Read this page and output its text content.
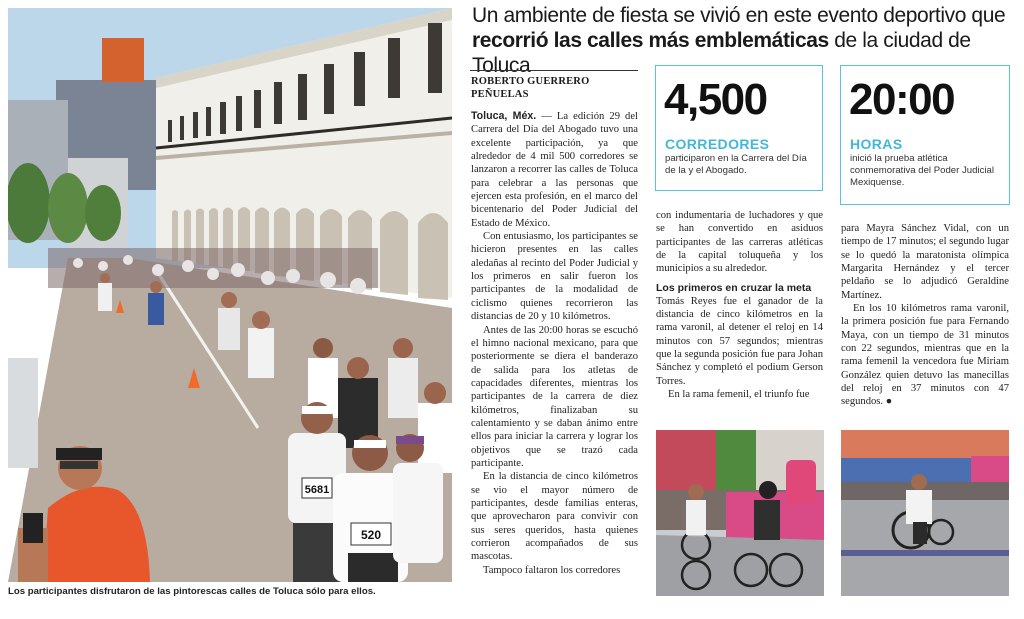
5681
520
Los participantes disfrutaron de las pintorescas calles de Toluca sólo para ellos.
Un ambiente de fiesta se vivió en este evento deportivo que
recorrió las calles más emblemáticas de la ciudad de Toluca
ROBERTO GUERRERO
PEÑUELAS

Toluca, Méx. — La edición 29 del Carrera del Día del Abogado tuvo una excelente participación, ya que alrededor de 4 mil 500 corredores se lanzaron a recorrer las calles de Toluca para celebrar a las personas que ejercen esta profesión, en el marco del bicentenario del Poder Judicial del Estado de México.

Con entusiasmo, los participantes se hicieron presentes en las calles aledañas al recinto del Poder Judicial y los primeros en salir fueron los participantes de la modalidad de ciclismo quienes recorrieron las distancias de 20 y 10 kilómetros.

Antes de las 20:00 horas se escuchó el himno nacional mexicano, para que posteriormente se diera el banderazo de salida para los atletas de capacidades diferentes, mientras los participantes de la carrera de diez kilómetros, finalizaban su calentamiento y se daban ánimo entre ellos para iniciar la carrera y lograr los objetivos que se trazó cada participante.

En la distancia de cinco kilómetros se vio el mayor número de participantes, desde familias enteras, que aprovecharon para convivir con sus seres queridos, hasta quienes corrieron acompañados de sus mascotas.

Tampoco faltaron los corredores

4,500
CORREDORES
participaron en la Carrera del Día de la y el Abogado.
20:00
HORAS
inició la prueba atlética conmemorativa del Poder Judicial Mexiquense.

con indumentaria de luchadores y que se han convertido en asiduos participantes de las carreras atléticas de la capital toluqueña y los municipios a su alrededor.

Los primeros en cruzar la meta

Tomás Reyes fue el ganador de la distancia de cinco kilómetros en la rama varonil, al detener el reloj en 14 minutos con 57 segundos; mientras que la segunda posición fue para Johan Sánchez y completó el podium Gerson Torres.

En la rama femenil, el triunfo fue

para Mayra Sánchez Vidal, con un tiempo de 17 minutos; el segundo lugar se lo quedó la maratonista olímpica Margarita Hernández y el tercer peldaño se lo adjudicó Geraldine Martínez.

En los 10 kilómetros rama varonil, la primera posición fue para Fernando Maya, con un tiempo de 31 minutos con 22 segundos, mientras que en la rama femenil la vencedora fue Miriam González quien detuvo las manecillas del reloj en 37 minutos con 47 segundos. ●
